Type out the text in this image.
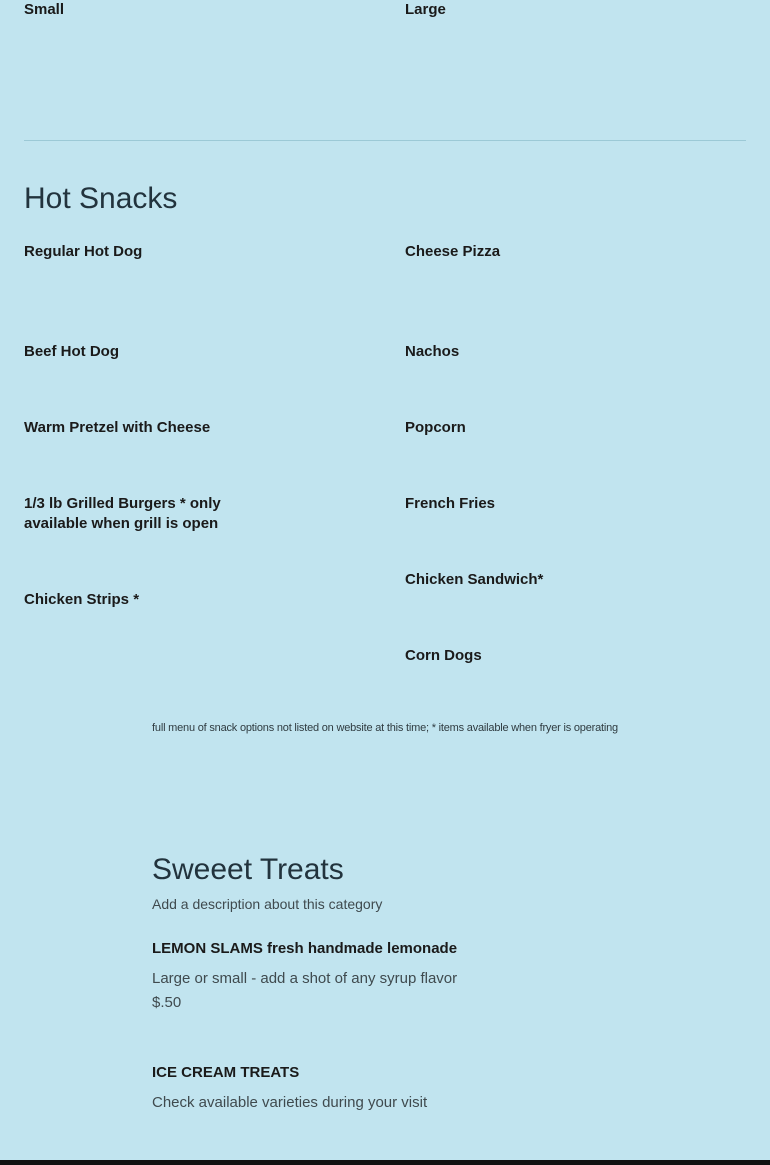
Small	Large

Hot Snacks

Regular Hot Dog

Beef Hot Dog

Warm Pretzel with Cheese

1/3 lb Grilled Burgers * only available when grill is open

Chicken Strips *

Cheese Pizza

Nachos

Popcorn

French Fries

Chicken Sandwich*

Corn Dogs

full menu of snack options not listed on website at this time; * items available when fryer is operating
Sweeet Treats

Add a description about this category

LEMON SLAMS fresh handmade lemonade

Large or small - add a shot of any syrup flavor

$.50

ICE CREAM TREATS

Check available varieties during your visit
